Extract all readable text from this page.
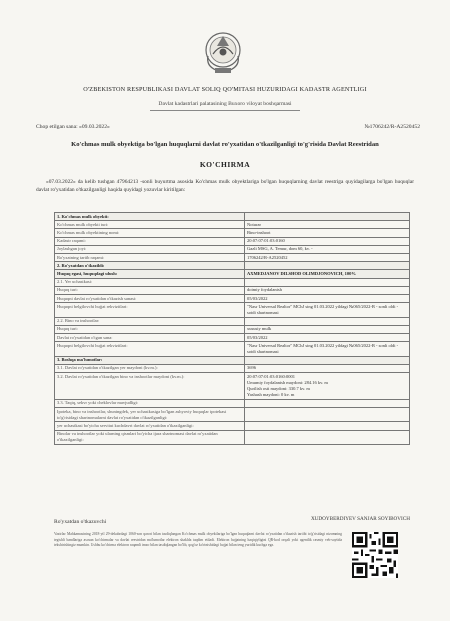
O'ZBEKISTON RESPUBLIKASI DAVLAT SOLIQ QO'MITASI HUZURIDAGI KADASTR AGENTLIGI
Davlat kadastrlari palatasining Buxoro viloyat boshqarmasi
Chop etilgan sana: «09.03.2022»	№1706242/R-A2520452
Ko'chmas mulk obyektiga bo'lgan huquqlarni davlat ro'yxatidan o'tkazilganligi to'g'risida Davlat Reestridan
KO'CHIRMA
«07.03.2022» da kelib tushgan 47964213 -sonli buyurtma asosida Ko'chmas mulk obyektlariga bo'lgan huquqlarning davlat reestriga quyidagilarga bo'lgan huquqlar davlat ro'yxatidan o'tkazilganligi haqida quyidagi yozuvlar kiritilgan:
1. Ko'chmas mulk obyekti:	
Ko'chmas mulk obyekti turi:	Noturar
Ko'chmas mulk obyektining nomi:	Bino-inshoot
Kadastr raqami:	20:07:07:01:03:0160
Joylashgan joyi:	Gazli MSG, A. Temur, dom 60, kv. -
Ro'yxatning tartib raqami:	1706242/R-A2520452
2. Ro'yxatdan o'tkazildi:	
Huquq egasi, huquqdagi ulush:	AXMEDJANOV DILSHOD OLIMDJONOVICH, 100%
2.1. Yer uchastkasi:	
Huquq turi:	doimiy foydalanish
Huquqni davlat ro'yxatidan o'tkazish sanasi:	05/03/2022
Huquqni belgilovchi hujjat rekvizitlari:	"Nasr Universal Realtor" MChJ sing 01.03.2022 yildagi №065/2022-B - sonli oldi - sotdi shartnomasi
2.2. Bino va inshootlar:	
Huquq turi:	xususiy mulk
Davlat ro'yxatidan o'tgan sana:	05/03/2022
Huquqni belgilovchi hujjat rekvizitlari:	"Nasr Universal Realtor" MChJ sing 01.03.2022 yildagi №065/2022-B - sonli oldi - sotdi shartnomasi
3. Boshqa ma'lumotlar:	
3.1. Davlat ro'yxatidan o'tkazilgan yer maydoni (kv.m.):	3696
3.2. Davlat ro'yxatidan o'tkazilgan bino va inshootlar maydoni (kv.m.):	20:07:07:01:03:0160:0001
Umumiy foydalanish maydoni: 284.16 kv. m
Qurilish osti maydoni: 330.7 kv. m
Yashash maydoni: 0 kv. m
3.3. Taqiq, sekvr yoki cheklovlar mavjudligi:	
Ipoteka, bino va inshootlar, shuningdek, yer uchastkasiga bo'lgan ashyoviy huquqlar ipotekasi to'g'risidagi shartnomalarni davlat ro'yxatidan o'tkazilganligi:	
yer uchastkasi bo'yicha servitut kuchdavri davlat ro'yxatidan o'tkazilganligi:	
Binolar va inshootlar yoki ularning qismlari bo'yicha ijara shartnomasi davlat ro'yxatidan o'tkazilganligi:	
Ro'yxatdan o'tkazuvchi	XUDOYBERDIYEV SANJAR SOYIBOVICH
Vazirlar Mahkamasining 2018-yil 29-dekabrdagi 1060-son qarori bilan tasdiqlangan Ko'chmas mulk obyektlariga bo'lgan huquqlarni davlat ro'yxatidan o'tkazish tartibi to'g'risidagi nizomning tegishli bandlariga asosan ko'chirmalar va davlat reestridan ma'lumotlar elektron shaklda taqdim etiladi. Elektron hujjatning haqiqiyligini QR-kod orqali yoki agentlik rasmiy veb-saytida tekshirishingiz mumkin. Ushbu ko'chirma elektron raqamli imzo bilan tasdiqlangan bo'lib, qog'oz ko'rinishidagi hujjat bilan teng yuridik kuchga ega.
